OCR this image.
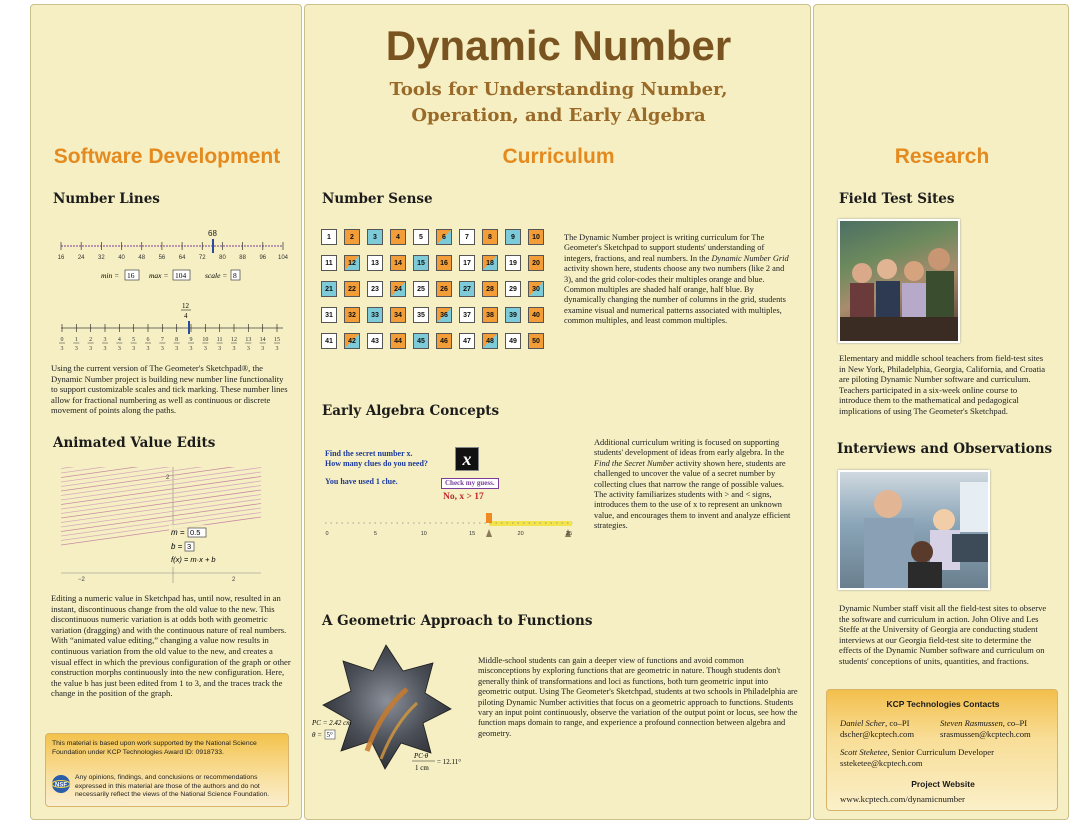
Software Development
Number Lines
68
16 24 32 40 48 56 64 72 80 88 96 104
min = 16 max = 104	scale = 8
12
4
0
3
1
3
2
3
3
3
4
3
5
3
6
3
7
3
8
3
9
3
10
3
11
3
12
3
13
3
14
3
15
3
Using the current version of The Geometer's Sketchpad®, the Dynamic Number project is building new number line functionality to support customizable scales and tick marking. These number lines allow for fractional numbering as well as continuous or discrete movement of points along the paths.
Animated Value Edits
−2	2
2
m = 0.5
b = 3
f(x) = m·x + b
Editing a numeric value in Sketchpad has, until now, resulted in an instant, discontinuous change from the old value to the new. This discontinuous numeric variation is at odds both with geometric variation (dragging) and with the continuous nature of real numbers. With “animated value editing,” changing a value now results in continuous variation from the old value to the new, and creates a visual effect in which the previous configuration of the graph or other construction morphs continuously into the new configuration. Here, the value b has just been edited from 1 to 3, and the traces track the change in the position of the graph.
This material is based upon work supported by the National Science Foundation under KCP Technologies Award ID: 0918733.
NSF
Any opinions, findings, and conclusions or recommendations expressed in this material are those of the authors and do not necessarily reflect the views of the National Science Foundation.
Dynamic Number
Tools for Understanding Number,
Operation, and Early Algebra
Curriculum
Number Sense
1	2	3	4	5	6	7	8	9	10
11	12	13	14	15	16	17	18	19	20
21	22	23	24	25	26	27	28	29	30
31	32	33	34	35	36	37	38	39	40
41	42	43	44	45	46	47	48	49	50
The Dynamic Number project is writing curriculum for The Geometer's Sketchpad to support students' understanding of integers, fractions, and real numbers. In the Dynamic Number Grid activity shown here, students choose any two numbers (like 2 and 3), and the grid color-codes their multiples orange and blue. Common multiples are shaded half orange, half blue. By dynamically changing the number of columns in the grid, students examine visual and numerical patterns associated with multiples, common multiples, and least common multiples.
Early Algebra Concepts
Find the secret number x.
How many clues do you need?
You have used 1 clue.
x
Check my guess.
No, x > 17
0	5	10	15	20	25
Additional curriculum writing is focused on supporting students' development of ideas from early algebra. In the Find the Secret Number activity shown here, students are challenged to uncover the value of a secret number by collecting clues that narrow the range of possible values. The activity familiarizes students with > and < signs, introduces them to the use of x to represent an unknown value, and encourages them to invent and analyze efficient strategies.
A Geometric Approach to Functions
PC = 2.42 cm
θ = 5°
PC·θ
1 cm
= 12.11°
Middle-school students can gain a deeper view of functions and avoid common misconceptions by exploring functions that are geometric in nature. Though students don't generally think of transformations and loci as functions, both turn geometric input into geometric output. Using The Geometer's Sketchpad, students at two schools in Philadelphia are piloting Dynamic Number activities that focus on a geometric approach to functions. Students vary an input point continuously, observe the variation of the output point or locus, see how the function maps domain to range, and experience a profound connection between algebra and geometry.
Research
Field Test Sites
Elementary and middle school teachers from field-test sites in New York, Philadelphia, Georgia, California, and Croatia are piloting Dynamic Number software and curriculum. Teachers participated in a six-week online course to introduce them to the mathematical and pedagogical implications of using The Geometer's Sketchpad.
Interviews and Observations
Dynamic Number staff visit all the field-test sites to observe the software and curriculum in action. John Olive and Les Steffe at the University of Georgia are conducting student interviews at our Georgia field-test site to determine the effects of the Dynamic Number software and curriculum on students' conceptions of units, quantities, and fractions.
KCP Technologies Contacts
Daniel Scher, co–PI
dscher@kcptech.com
Steven Rasmussen, co–PI
srasmussen@kcptech.com
Scott Steketee, Senior Curriculum Developer
ssteketee@kcptech.com
Project Website
www.kcptech.com/dynamicnumber
